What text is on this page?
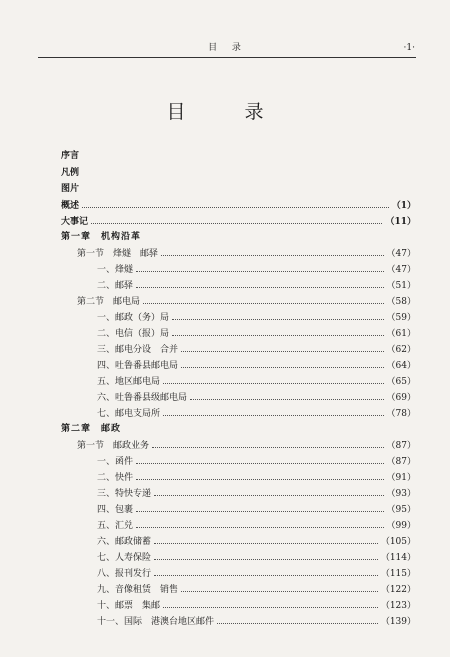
目 录	·1·
目　录
序言
凡例
图片
概述	（1）
大事记	（11）
第一章　机构沿革
第一节　烽燧　邮驿	（47）
一、烽燧	（47）
二、邮驿	（51）
第二节　邮电局	（58）
一、邮政（务）局	（59）
二、电信（报）局	（61）
三、邮电分设　合并	（62）
四、吐鲁番县邮电局	（64）
五、地区邮电局	（65）
六、吐鲁番县级邮电局	（69）
七、邮电支局所	（78）
第二章　邮政
第一节　邮政业务	（87）
一、函件	（87）
二、快件	（91）
三、特快专递	（93）
四、包裹	（95）
五、汇兑	（99）
六、邮政储蓄	（105）
七、人寿保险	（114）
八、报刊发行	（115）
九、音像租赁　销售	（122）
十、邮票　集邮	（123）
十一、国际　港澳台地区邮件	（139）
